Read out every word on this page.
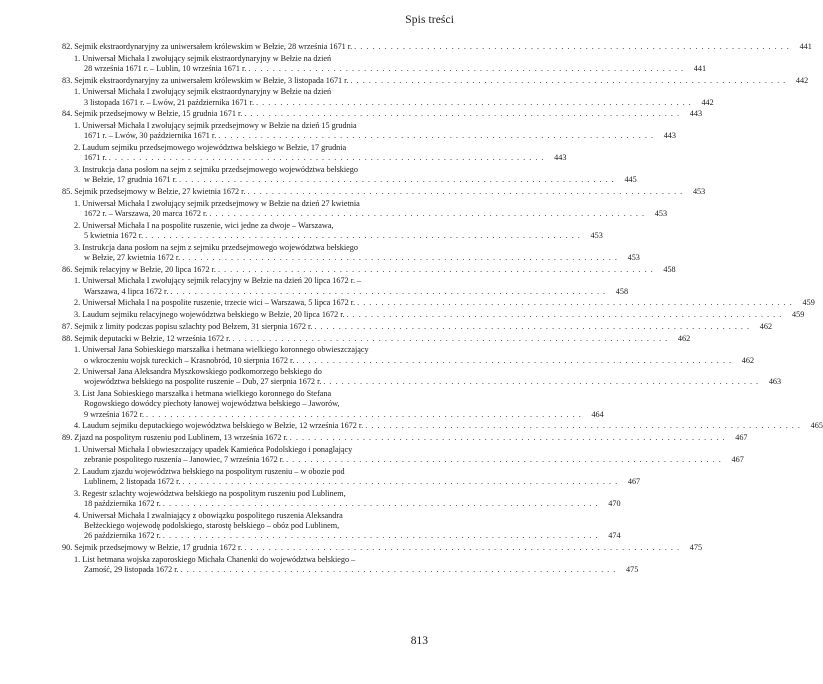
Spis treści
82. Sejmik ekstraordynaryjny za uniwersałem królewskim w Bełzie, 28 września 1671 r. . . . . . . . . . . . . . . . . . . . . . . . . . . . . . . . . . . . . . . . . . . . . . . . . . . . . . . . . . . . . . . . . . . . . . . . .	441
1. Uniwersał Michała I zwołujący sejmik ekstraordynaryjny w Bełzie na dzień
28 września 1671 r. – Lublin, 10 września 1671 r. . . . . . . . . . . . . . . . . . . . . . . . . . . . . . . . . . . . . . . . . . . . . . . . . . . . . . . . . . . . . . . . . . . . . . . . .	441
83. Sejmik ekstraordynaryjny za uniwersałem królewskim w Bełzie, 3 listopada 1671 r. . . . . . . . . . . . . . . . . . . . . . . . . . . . . . . . . . . . . . . . . . . . . . . . . . . . . . . . . . . . . . . . . . . . . . . . .	442
1. Uniwersał Michała I zwołujący sejmik ekstraordynaryjny w Bełzie na dzień
3 listopada 1671 r. – Lwów, 21 października 1671 r. . . . . . . . . . . . . . . . . . . . . . . . . . . . . . . . . . . . . . . . . . . . . . . . . . . . . . . . . . . . . . . . . . . . . . . . .	442
84. Sejmik przedsejmowy w Bełzie, 15 grudnia 1671 r. . . . . . . . . . . . . . . . . . . . . . . . . . . . . . . . . . . . . . . . . . . . . . . . . . . . . . . . . . . . . . . . . . . . . . . . .	443
1. Uniwersał Michała I zwołujący sejmik przedsejmowy w Bełzie na dzień 15 grudnia
1671 r. – Lwów, 30 października 1671 r. . . . . . . . . . . . . . . . . . . . . . . . . . . . . . . . . . . . . . . . . . . . . . . . . . . . . . . . . . . . . . . . . . . . . . . . .	443
2. Laudum sejmiku przedsejmowego województwa bełskiego w Bełzie, 17 grudnia
1671 r. . . . . . . . . . . . . . . . . . . . . . . . . . . . . . . . . . . . . . . . . . . . . . . . . . . . . . . . . . . . . . . . . . . . . . . . .	443
3. Instrukcja dana posłom na sejm z sejmiku przedsejmowego województwa bełskiego
w Bełzie, 17 grudnia 1671 r. . . . . . . . . . . . . . . . . . . . . . . . . . . . . . . . . . . . . . . . . . . . . . . . . . . . . . . . . . . . . . . . . . . . . . . . .	445
85. Sejmik przedsejmowy w Bełzie, 27 kwietnia 1672 r. . . . . . . . . . . . . . . . . . . . . . . . . . . . . . . . . . . . . . . . . . . . . . . . . . . . . . . . . . . . . . . . . . . . . . . . .	453
1. Uniwersał Michała I zwołujący sejmik przedsejmowy w Bełzie na dzień 27 kwietnia
1672 r. – Warszawa, 20 marca 1672 r. . . . . . . . . . . . . . . . . . . . . . . . . . . . . . . . . . . . . . . . . . . . . . . . . . . . . . . . . . . . . . . . . . . . . . . . .	453
2. Uniwersał Michała I na pospolite ruszenie, wici jedne za dwoje – Warszawa,
5 kwietnia 1672 r. . . . . . . . . . . . . . . . . . . . . . . . . . . . . . . . . . . . . . . . . . . . . . . . . . . . . . . . . . . . . . . . . . . . . . . . .	453
3. Instrukcja dana posłom na sejm z sejmiku przedsejmowego województwa bełskiego
w Bełzie, 27 kwietnia 1672 r. . . . . . . . . . . . . . . . . . . . . . . . . . . . . . . . . . . . . . . . . . . . . . . . . . . . . . . . . . . . . . . . . . . . . . . . .	453
86. Sejmik relacyjny w Bełzie, 20 lipca 1672 r. . . . . . . . . . . . . . . . . . . . . . . . . . . . . . . . . . . . . . . . . . . . . . . . . . . . . . . . . . . . . . . . . . . . . . . . .	458
1. Uniwersał Michała I zwołujący sejmik relacyjny w Bełzie na dzień 20 lipca 1672 r. –
Warszawa, 4 lipca 1672 r. . . . . . . . . . . . . . . . . . . . . . . . . . . . . . . . . . . . . . . . . . . . . . . . . . . . . . . . . . . . . . . . . . . . . . . . .	458
2. Uniwersał Michała I na pospolite ruszenie, trzecie wici – Warszawa, 5 lipca 1672 r. . . . . . . . . . . . . . . . . . . . . . . . . . . . . . . . . . . . . . . . . . . . . . . . . . . . . . . . . . . . . . . . . . . . . . . . .	459
3. Laudum sejmiku relacyjnego województwa bełskiego w Bełzie, 20 lipca 1672 r. . . . . . . . . . . . . . . . . . . . . . . . . . . . . . . . . . . . . . . . . . . . . . . . . . . . . . . . . . . . . . . . . . . . . . . . .	459
87. Sejmik z limity podczas popisu szlachty pod Bełzem, 31 sierpnia 1672 r. . . . . . . . . . . . . . . . . . . . . . . . . . . . . . . . . . . . . . . . . . . . . . . . . . . . . . . . . . . . . . . . . . . . . . . . .	462
88. Sejmik deputacki w Bełzie, 12 września 1672 r. . . . . . . . . . . . . . . . . . . . . . . . . . . . . . . . . . . . . . . . . . . . . . . . . . . . . . . . . . . . . . . . . . . . . . . . .	462
1. Uniwersał Jana Sobieskiego marszałka i hetmana wielkiego koronnego obwieszczający
o wkroczeniu wojsk tureckich – Krasnobród, 10 sierpnia 1672 r. . . . . . . . . . . . . . . . . . . . . . . . . . . . . . . . . . . . . . . . . . . . . . . . . . . . . . . . . . . . . . . . . . . . . . . . .	462
2. Uniwersał Jana Aleksandra Myszkowskiego podkomorzego bełskiego do
województwa bełskiego na pospolite ruszenie – Dub, 27 sierpnia 1672 r. . . . . . . . . . . . . . . . . . . . . . . . . . . . . . . . . . . . . . . . . . . . . . . . . . . . . . . . . . . . . . . . . . . . . . . . .	463
3. List Jana Sobieskiego marszałka i hetmana wielkiego koronnego do Stefana
Rogowskiego dowódcy piechoty łanowej województwa bełskiego – Jaworów,
9 września 1672 r. . . . . . . . . . . . . . . . . . . . . . . . . . . . . . . . . . . . . . . . . . . . . . . . . . . . . . . . . . . . . . . . . . . . . . . . .	464
4. Laudum sejmiku deputackiego województwa bełskiego w Bełzie, 12 września 1672 r. . . . . . . . . . . . . . . . . . . . . . . . . . . . . . . . . . . . . . . . . . . . . . . . . . . . . . . . . . . . . . . . . . . . . . . . .	465
89. Zjazd na pospolitym ruszeniu pod Lublinem, 13 września 1672 r. . . . . . . . . . . . . . . . . . . . . . . . . . . . . . . . . . . . . . . . . . . . . . . . . . . . . . . . . . . . . . . . . . . . . . . . .	467
1. Uniwersał Michała I obwieszczający upadek Kamieńca Podolskiego i ponaglający
zebranie pospolitego ruszenia – Janowiec, 7 września 1672 r. . . . . . . . . . . . . . . . . . . . . . . . . . . . . . . . . . . . . . . . . . . . . . . . . . . . . . . . . . . . . . . . . . . . . . . . .	467
2. Laudum zjazdu województwa bełskiego na pospolitym ruszeniu – w obozie pod
Lublinem, 2 listopada 1672 r. . . . . . . . . . . . . . . . . . . . . . . . . . . . . . . . . . . . . . . . . . . . . . . . . . . . . . . . . . . . . . . . . . . . . . . . .	467
3. Regestr szlachty województwa bełskiego na pospolitym ruszeniu pod Lublinem,
18 października 1672 r. . . . . . . . . . . . . . . . . . . . . . . . . . . . . . . . . . . . . . . . . . . . . . . . . . . . . . . . . . . . . . . . . . . . . . . . .	470
4. Uniwersał Michała I zwalniający z obowiązku pospolitego ruszenia Aleksandra
Bełżeckiego wojewodę podolskiego, starostę bełskiego – obóz pod Lublinem,
26 października 1672 r. . . . . . . . . . . . . . . . . . . . . . . . . . . . . . . . . . . . . . . . . . . . . . . . . . . . . . . . . . . . . . . . . . . . . . . . .	474
90. Sejmik przedsejmowy w Bełzie, 17 grudnia 1672 r. . . . . . . . . . . . . . . . . . . . . . . . . . . . . . . . . . . . . . . . . . . . . . . . . . . . . . . . . . . . . . . . . . . . . . . . .	475
1. List hetmana wojska zaporoskiego Michała Chanenki do województwa bełskiego –
Zamość, 29 listopada 1672 r. . . . . . . . . . . . . . . . . . . . . . . . . . . . . . . . . . . . . . . . . . . . . . . . . . . . . . . . . . . . . . . . . . . . . . . . .	475
813
